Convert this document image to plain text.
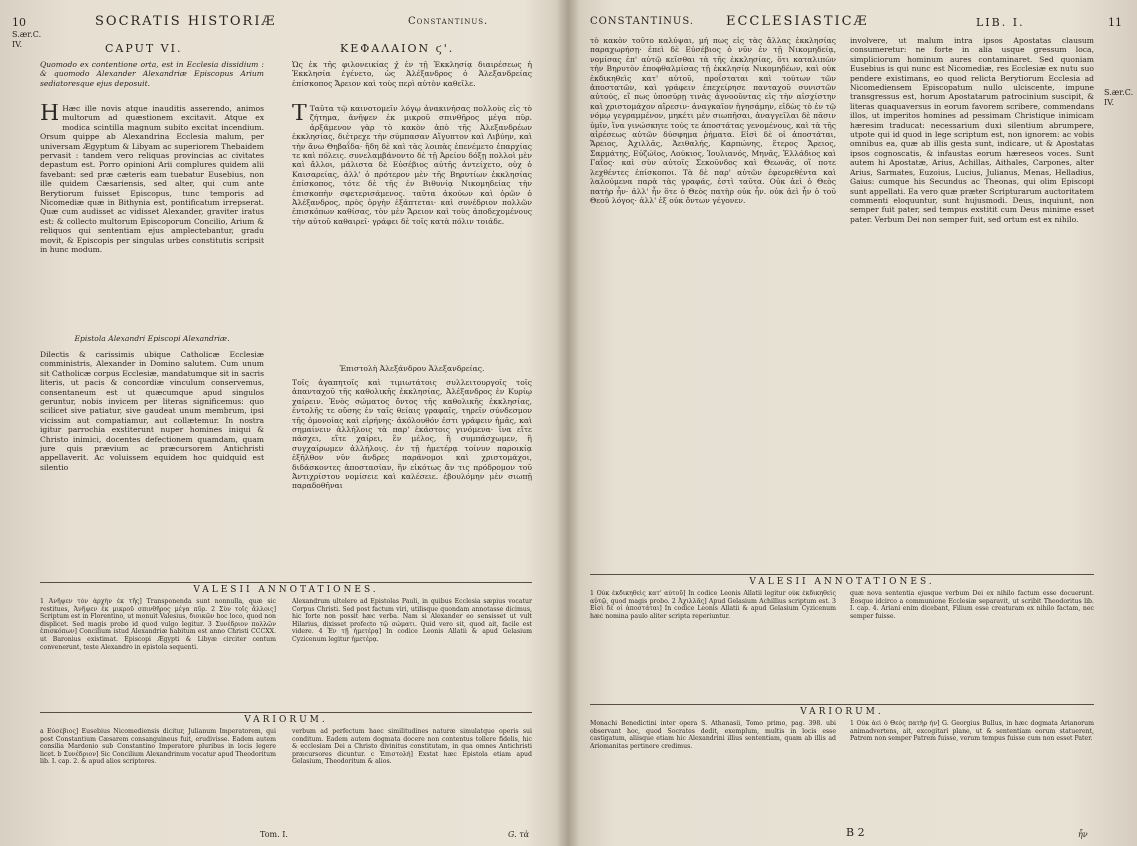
10	SOCRATIS HISTORIÆ	Constantinus.
S.ær.C.
IV.	CAPUT VI.	ΚΕΦΑΛΑΙΟΝ ϛ'.
Quomodo ex contentione orta, est in Ecclesia dissidium : & quomodo Alexander Alexandriæ Episcopus Arium sediatoresque ejus deposuit.
Ὡς ἐκ τῆς φιλονεικίας χ̓ ἐν τῇ Ἐκκλησίᾳ διαιρέσεως ἡ Ἐκκλησία ἐγένετο, ὡς Ἀλέξανδρος ὁ Ἀλεξανδρείας ἐπίσκοπος Ἄρειον καὶ τοὺς περὶ αὐτὸν καθεῖλε.
H Hæc ille novis atque inauditis asserendo, animos multorum ad quæstionem excitavit. Atque ex modica scintilla magnum subito excitat incendium. Orsum quippe ab Alexandrina Ecclesia malum, per universam Ægyptum & Libyam ac superiorem Thebaidem pervasit : tandem vero reliquas provincias ac civitates depastum est. Porro opinioni Arii complures quidem alii favebant: sed præ cæteris eam tuebatur Eusebius, non ille quidem Cæsariensis, sed alter, qui cum ante Berytiorum fuisset Episcopus, tunc temporis ad Nicomediæ quæ in Bithynia est, pontificatum irrepserat. Quæ cum audisset ac vidisset Alexander, graviter iratus est: & collecto multorum Episcoporum Concilio, Arium & reliquos qui sententiam ejus amplectebantur, gradu movit, & Episcopis per singulas urbes constitutis scripsit in hunc modum.
T Ταῦτα τῷ καινοτομεῖν λόγῳ ἀνακινήσας πολλοὺς εἰς τὸ ζήτημα, ἀνῆψεν ἐκ μικροῦ σπινθῆρος μέγα πῦρ. ἀρξάμενον γὰρ τὸ κακὸν ἀπὸ τῆς Ἀλεξανδρέων ἐκκλησίας, διέτρεχε τὴν σύμπασαν Αἴγυπτον καὶ Λιβύην, καὶ τὴν ἄνω Θηβαΐδα· ἤδη δὲ καὶ τὰς λοιπὰς ἐπενέμετο ἐπαρχίας τε καὶ πόλεις. συνελαμβάνοντο δὲ τῇ Ἀρείου δόξῃ πολλοὶ μὲν καὶ ἄλλοι, μάλιστα δὲ Εὐσέβιος αὐτῆς ἀντείχετο, οὐχ ὁ Καισαρείας, ἀλλ' ὁ πρότερον μὲν τῆς Βηρυτίων ἐκκλησίας ἐπίσκοπος, τότε δὲ τῆς ἐν Βιθυνίᾳ Νικομηδείας τὴν ἐπισκοπὴν σφετερισάμενος. ταῦτα ἀκούων καὶ ὁρῶν ὁ Ἀλέξανδρος, πρὸς ὀργὴν ἐξάπτεται· καὶ συνέδριον πολλῶν ἐπισκόπων καθίσας, τὸν μὲν Ἄρειον καὶ τοὺς ἀποδεχομένους τὴν αὐτοῦ καθαιρεῖ· γράφει δὲ τοῖς κατὰ πόλιν τοιάδε.
Epistola Alexandri Episcopi Alexandriæ.
Ἐπιστολὴ Ἀλεξάνδρου Ἀλεξανδρείας.
Dilectis & carissimis ubique Catholicæ Ecclesiæ comministris, Alexander in Domino salutem. Cum unum sit Catholicæ corpus Ecclesiæ, mandatumque sit in sacris literis, ut pacis & concordiæ vinculum conservemus, consentaneum est ut quæcumque apud singulos geruntur, nobis invicem per literas significemus: quo scilicet sive patiatur, sive gaudeat unum membrum, ipsi vicissim aut compatiamur, aut collætemur. In nostra igitur parrochia exstiterunt nuper homines iniqui & Christo inimici, docentes defectionem quamdam, quam jure quis prævium ac præcursorem Antichristi appellaverit. Ac voluissem equidem hoc quidquid est silentio
Τοῖς ἀγαπητοῖς καὶ τιμιωτάτοις συλλειτουργοῖς τοῖς ἁπανταχοῦ τῆς καθολικῆς ἐκκλησίας, Ἀλέξανδρος ἐν Κυρίῳ χαίρειν. Ἑνὸς σώματος ὄντος τῆς καθολικῆς ἐκκλησίας, ἐντολῆς τε οὔσης ἐν ταῖς θείαις γραφαῖς, τηρεῖν σύνδεσμον τῆς ὁμονοίας καὶ εἰρήνης· ἀκόλουθόν ἐστι γράφειν ἡμᾶς, καὶ σημαίνειν ἀλλήλοις τὰ παρ' ἑκάστοις γινόμενα· ἵνα εἴτε πάσχει, εἴτε χαίρει, ἓν μέλος, ἢ συμπάσχωμεν, ἢ συγχαίρωμεν ἀλλήλοις. ἐν τῇ ἡμετέρᾳ τοίνυν παροικίᾳ ἐξῆλθον νῦν ἄνδρες παράνομοι καὶ χριστομάχοι, διδάσκοντες ἀποστασίαν, ἣν εἰκότως ἄν τις πρόδρομον τοῦ Ἀντιχρίστου νομίσειε καὶ καλέσειε. ἐβουλόμην μὲν σιωπῇ παραδοθῆναι
VALESII ANNOTATIONES.
1 Ἀνῆψεν τὸν ἀρχὴν ἐκ τῆς] Transponenda sunt nonnulla, quæ sic restitues, Ἀνῆψεν ἐκ μικροῦ σπινθῆρος μέγα πῦρ. 2 Σὺν τοῖς ἄλλοις] Scriptum est in Florentino, ut monuit Valesius, διοικῶν hoc loco, quod non displicet. Sed magis probo id quod vulgo legitur. 3 Συνέδριον πολλῶν ἐπισκόπων] Concilium istud Alexandriæ habitum est anno Christi CCCXX. ut Baronius existimat. Episcopi Ægypti & Libyæ circiter centum convenerunt, teste Alexandro in epistola sequenti.
Alexandrum ultelere ad Epistolas Pauli, in quibus Ecclesia sæpius vocatur Corpus Christi. Sed post factum viri, utilisque quondam annotasse dicimus, hic forte non possit hæc verba. Nam si Alexander eo sensisset ut vult Hilarius, dixisset profecto τῷ σώματι. Quid vero sit, quod ait, facile est videre. 4 Ἐν τῇ ἡμετέρᾳ] In codice Leonis Allatii & apud Gelasium Cyzicenum legitur ἡμετέρᾳ.
VARIORUM.
a Εὐσέβιος] Eusebius Nicomediensis dicitur, Julianum Imperatorem, qui post Constantium Cæsarem consanguineus fuit, erudivisse. Eadem autem consilia Mardonio sub Constantino Imperatore pluribus in locis legere licet. b Συνέδριον] Sic Concilium Alexandrinum vocatur apud Theodoritum lib. I. cap. 2. & apud alios scriptores.
verbum ad perfectum haec similitudines naturæ simulatque operis sui conditum. Eadem autem dogmata docere non contentus tollere fidelis, hic & ecclesiam Dei a Christo divinitus constitutam, in qua omnes Antichristi præcursores dicuntur. c Ἐπιστολή] Exstat hæc Epistola etiam apud Gelasium, Theodoritum & alios.
Tom. I.	G. τὰ
CONSTANTINUS. ECCLESIASTICÆ	LIB. I.	11
S.ær.C.
IV.
τὸ κακὸν τοῦτο καλύψαι, μή πως εἰς τὰς ἄλλας ἐκκλησίας παραχωρήσῃ· ἐπεὶ δὲ Εὐσέβιος ὁ νῦν ἐν τῇ Νικομηδείᾳ, νομίσας ἐπ' αὐτῷ κεῖσθαι τὰ τῆς ἐκκλησίας, ὅτι καταλιπὼν τὴν Βηρυτὸν ἐποφθαλμίσας τῇ ἐκκλησίᾳ Νικομηδέων, καὶ οὐκ ἐκδικηθεὶς κατ' αὐτοῦ, προΐσταται καὶ τούτων τῶν ἀποστατῶν, καὶ γράφειν ἐπεχείρησε πανταχοῦ συνιστῶν αὐτούς, εἴ πως ὑποσύρῃ τινὰς ἀγνοοῦντας εἰς τὴν αἰσχίστην καὶ χριστομάχον αἵρεσιν· ἀναγκαῖον ἡγησάμην, εἰδὼς τὸ ἐν τῷ νόμῳ γεγραμμένον, μηκέτι μὲν σιωπῆσαι, ἀναγγεῖλαι δὲ πᾶσιν ὑμῖν, ἵνα γινώσκητε τούς τε ἀποστάτας γενομένους, καὶ τὰ τῆς αἱρέσεως αὐτῶν δύσφημα ῥήματα. Εἰσὶ δὲ οἱ ἀποστάται, Ἄρειος, Ἀχιλλᾶς, Ἀειθαλής, Καρπώνης, ἕτερος Ἄρειος, Σαρμάτης, Εὐζώϊος, Λούκιος, Ἰουλιανός, Μηνᾶς, Ἑλλάδιος καὶ Γαΐος· καὶ σὺν αὐτοῖς Σεκοῦνδος καὶ Θεωνᾶς, οἵ ποτε λεχθέντες ἐπίσκοποι. Τὰ δὲ παρ' αὐτῶν ἐφευρεθέντα καὶ λαλούμενα παρὰ τὰς γραφάς, ἐστὶ ταῦτα. Οὐκ ἀεὶ ὁ Θεὸς πατὴρ ἦν· ἀλλ' ἦν ὅτε ὁ Θεὸς πατὴρ οὐκ ἦν. οὐκ ἀεὶ ἦν ὁ τοῦ Θεοῦ λόγος· ἀλλ' ἐξ οὐκ ὄντων γέγονεν.
involvere, ut malum intra ipsos Apostatas clausum consumeretur: ne forte in alia usque gressum loca, simpliciorum hominum aures contaminaret. Sed quoniam Eusebius is qui nunc est Nicomediæ, res Ecclesiæ ex nutu suo pendere existimans, eo quod relicta Berytiorum Ecclesia ad Nicomediensem Episcopatum nullo ulciscente, impune transgressus est, horum Apostatarum patrocinium suscipit, & literas quaquaversus in eorum favorem scribere, commendans illos, ut imperitos homines ad pessimam Christique inimicam hæresim traducat: necessarium duxi silentium abrumpere, utpote qui id quod in lege scriptum est, non ignorem: ac vobis omnibus ea, quæ ab illis gesta sunt, indicare, ut & Apostatas ipsos cognoscatis, & infaustas eorum hæreseos voces. Sunt autem hi Apostatæ, Arius, Achillas, Aithales, Carpones, alter Arius, Sarmates, Euzoius, Lucius, Julianus, Menas, Helladius, Gaius: cumque his Secundus ac Theonas, qui olim Episcopi sunt appellati. Ea vero quæ præter Scripturarum auctoritatem commenti eloquuntur, sunt hujusmodi. Deus, inquiunt, non semper fuit pater, sed tempus exstitit cum Deus minime esset pater. Verbum Dei non semper fuit, sed ortum est ex nihilo.
VALESII ANNOTATIONES.
1 Οὐκ ἐκδικηθεὶς κατ' αὐτοῦ] In codice Leonis Allatii legitur οὐκ ἐκδικηθεὶς αὐτῷ, quod magis probo. 2 Ἀχιλλᾶς] Apud Gelasium Achillius scriptum est. 3 Εἰσὶ δὲ οἱ ἀποστάται] In codice Leonis Allatii & apud Gelasium Cyzicenum hæc nomina paulo aliter scripta reperiuntur.
quæ nova sententia ejusque verbum Dei ex nihilo factum esse docuerunt. Eosque idcirco a communione Ecclesiæ separavit, ut scribit Theodoritus lib. I. cap. 4. Ariani enim dicebant, Filium esse creaturam ex nihilo factam, nec semper fuisse.
VARIORUM.
Monachi Benedictini inter opera S. Athanasii, Tomo primo, pag. 398. ubi observant hoc, quod Socrates dedit, exemplum, multis in locis esse castigatum, aliisque etiam hic Alexandrini illius sententiam, quam ab illis ad Ariomanitas pertinere credimus.
1 Οὐκ ἀεὶ ὁ Θεὸς πατὴρ ἦν] G. Georgius Bullus, in hæc dogmata Arianorum animadvertens, ait, excogitari plane, ut & sententiam eorum statuerent, Patrem non semper Patrem fuisse, verum tempus fuisse cum non esset Pater.
B 2	ἦν
